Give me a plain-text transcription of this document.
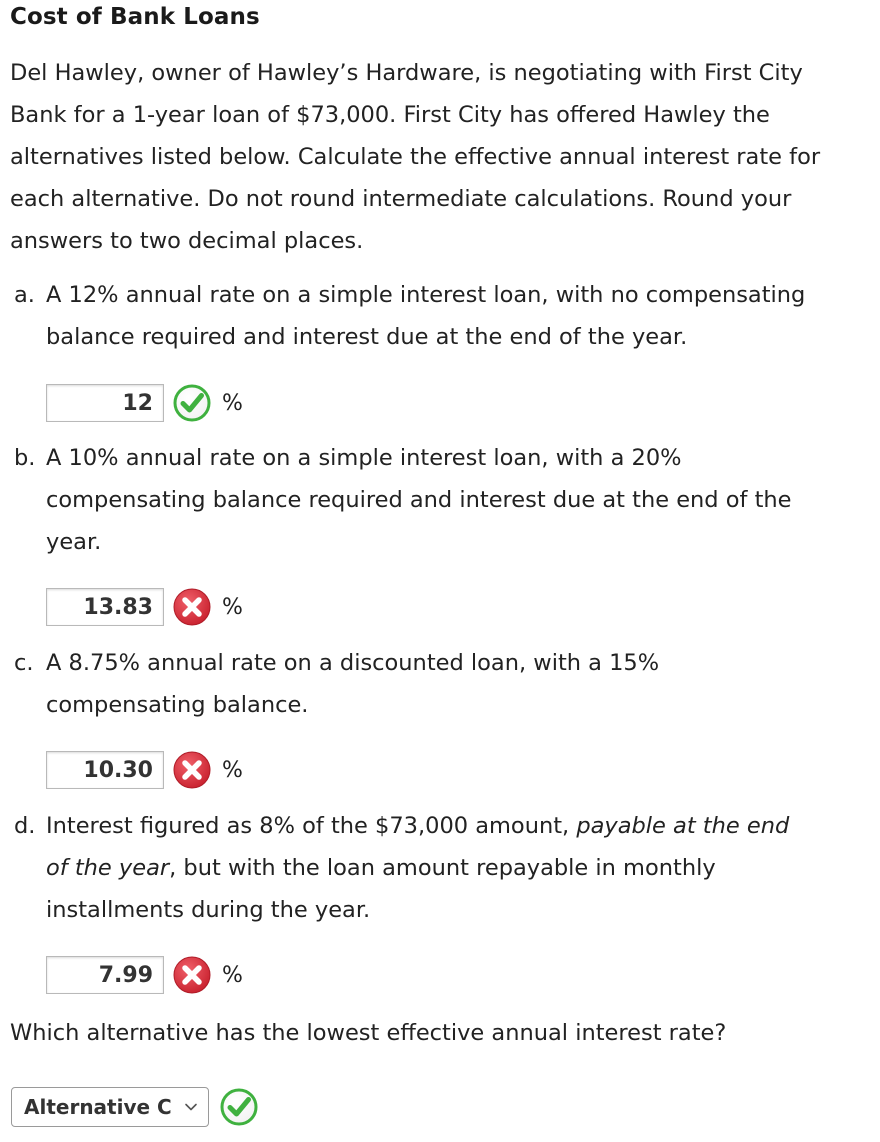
Cost of Bank Loans
Del Hawley, owner of Hawley’s Hardware, is negotiating with First City
Bank for a 1-year loan of $73,000. First City has offered Hawley the
alternatives listed below. Calculate the effective annual interest rate for
each alternative. Do not round intermediate calculations. Round your
answers to two decimal places.
a. A 12% annual rate on a simple interest loan, with no compensating
balance required and interest due at the end of the year.
12
%
b. A 10% annual rate on a simple interest loan, with a 20%
compensating balance required and interest due at the end of the
year.
13.83
%
c. A 8.75% annual rate on a discounted loan, with a 15%
compensating balance.
10.30
%
d. Interest figured as 8% of the $73,000 amount, payable at the end
of the year, but with the loan amount repayable in monthly
installments during the year.
7.99
%
Which alternative has the lowest effective annual interest rate?
Alternative C
